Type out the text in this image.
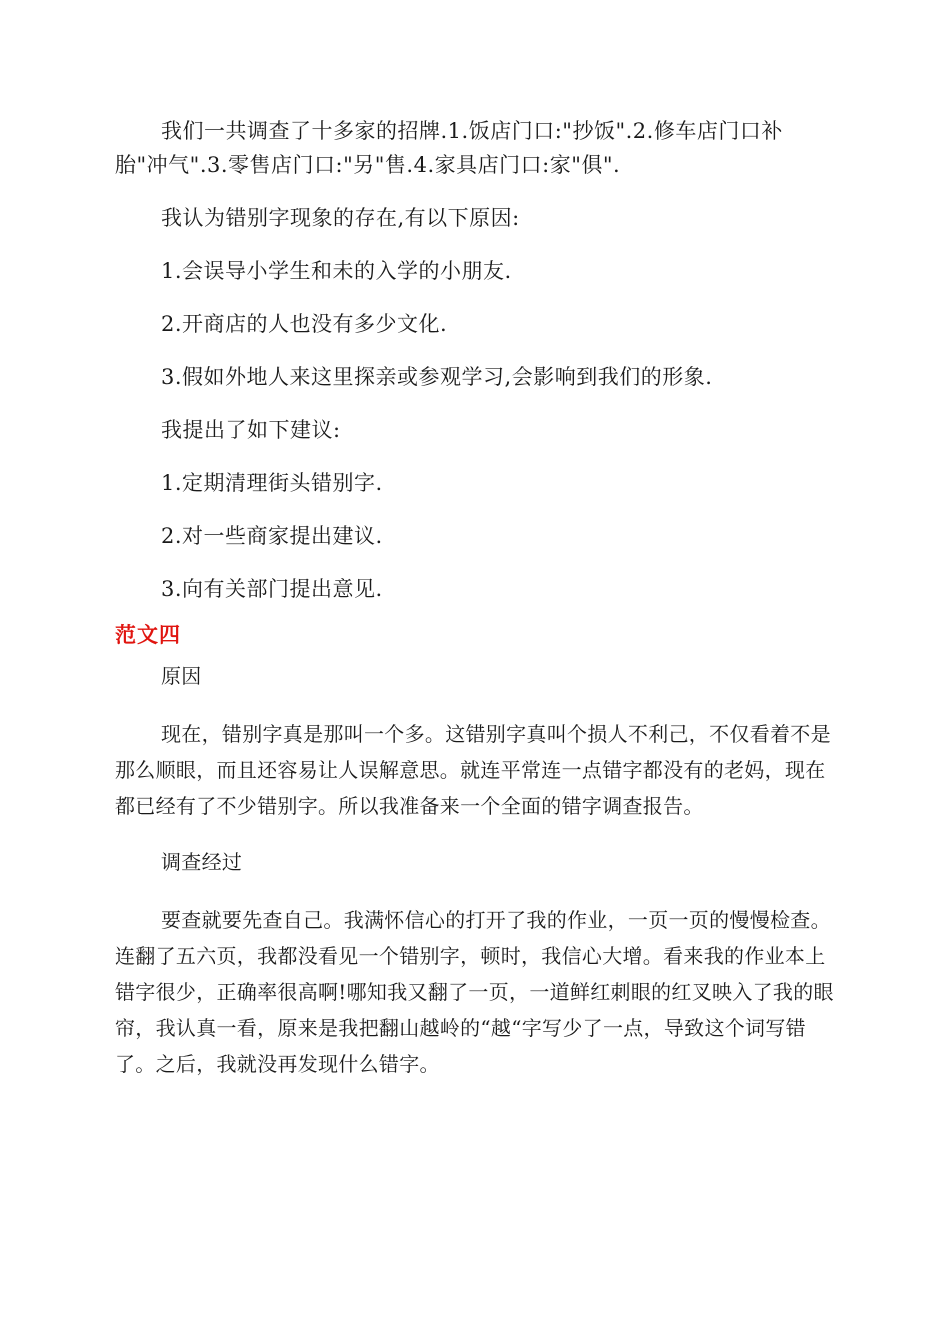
我们一共调查了十多家的招牌.1.饭店门口:"抄饭".2.修车店门口补胎"冲气".3.零售店门口:"另"售.4.家具店门口:家"俱".

我认为错别字现象的存在,有以下原因:

1.会误导小学生和未的入学的小朋友.

2.开商店的人也没有多少文化.

3.假如外地人来这里探亲或参观学习,会影响到我们的形象.

我提出了如下建议:

1.定期清理街头错别字.

2.对一些商家提出建议.

3.向有关部门提出意见.

范文四

原因

现在，错别字真是那叫一个多。这错别字真叫个损人不利己，不仅看着不是那么顺眼，而且还容易让人误解意思。就连平常连一点错字都没有的老妈，现在都已经有了不少错别字。所以我准备来一个全面的错字调查报告。

调查经过

要查就要先查自己。我满怀信心的打开了我的作业，一页一页的慢慢检查。连翻了五六页，我都没看见一个错别字，顿时，我信心大增。看来我的作业本上错字很少，正确率很高啊!哪知我又翻了一页，一道鲜红刺眼的红叉映入了我的眼帘，我认真一看，原来是我把翻山越岭的“越“字写少了一点，导致这个词写错了。之后，我就没再发现什么错字。
